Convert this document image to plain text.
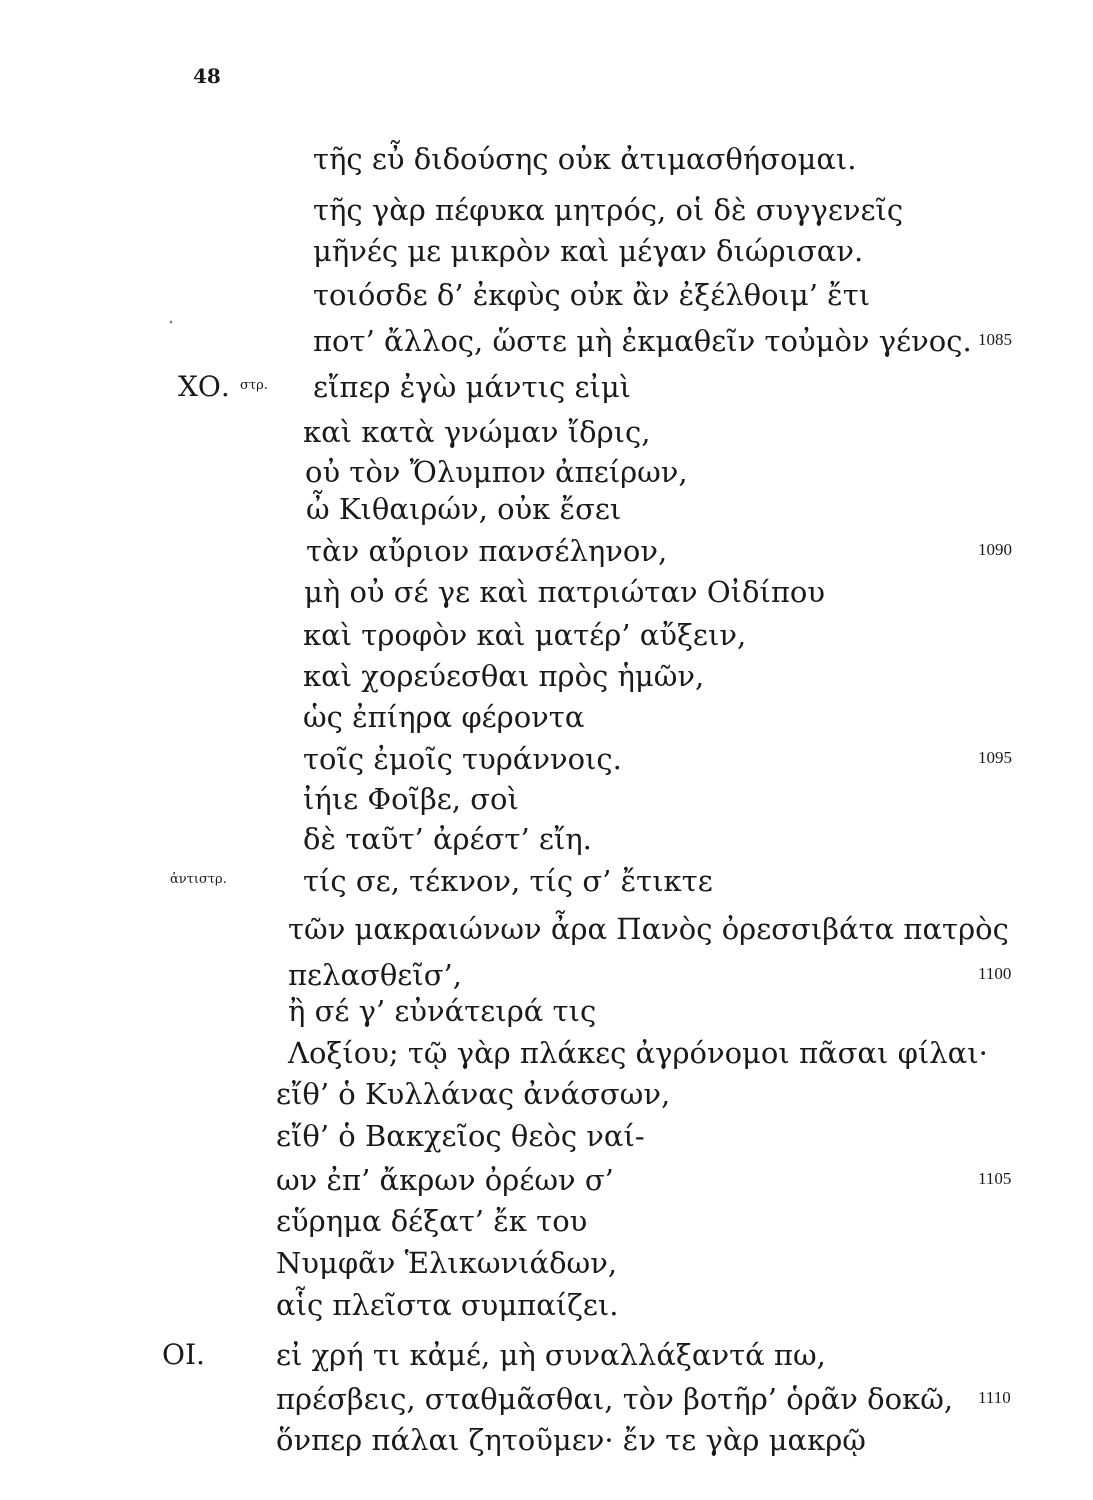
48
•
τῆς εὖ διδούσης οὐκ ἀτιμασθήσομαι.
τῆς γὰρ πέφυκα μητρός, οἱ δὲ συγγενεῖς
μῆνές με μικρὸν καὶ μέγαν διώρισαν.
τοιόσδε δ’ ἐκφὺς οὐκ ἂν ἐξέλθοιμ’ ἔτι
ποτ’ ἄλλος, ὥστε μὴ ἐκμαθεῖν τοὐμὸν γένος. 1085
εἴπερ ἐγὼ μάντις εἰμὶ
ΧΟ. στρ.
καὶ κατὰ γνώμαν ἴδρις,
οὐ τὸν Ὄλυμπον ἀπείρων,
ὦ Κιθαιρών, οὐκ ἔσει
τὰν αὔριον πανσέληνον,	1090
μὴ οὐ σέ γε καὶ πατριώταν Οἰδίπου
καὶ τροφὸν καὶ ματέρ’ αὔξειν,
καὶ χορεύεσθαι πρὸς ἡμῶν,
ὡς ἐπίηρα φέροντα
τοῖς ἐμοῖς τυράννοις.	1095
ἰήιε Φοῖβε, σοὶ
δὲ ταῦτ’ ἀρέστ’ εἴη.
τίς σε, τέκνον, τίς σ’ ἔτικτε
ἀντιστρ.
τῶν μακραιώνων ἆρα Πανὸς ὀρεσσιβάτα πατρὸς
πελασθεῖσ’,	1100
ἢ σέ γ’ εὐνάτειρά τις
Λοξίου; τῷ γὰρ πλάκες ἀγρόνομοι πᾶσαι φίλαι·
εἴθ’ ὁ Κυλλάνας ἀνάσσων,
εἴθ’ ὁ Βακχεῖος θεὸς ναί-
ων ἐπ’ ἄκρων ὀρέων σ’	1105
εὕρημα δέξατ’ ἔκ του
Νυμφᾶν Ἑλικωνιάδων,
αἷς πλεῖστα συμπαίζει.
εἰ χρή τι κἀμέ, μὴ συναλλάξαντά πω,
ΟΙ.
πρέσβεις, σταθμᾶσθαι, τὸν βοτῆρ’ ὁρᾶν δοκῶ, 1110
ὅνπερ πάλαι ζητοῦμεν· ἔν τε γὰρ μακρῷ
